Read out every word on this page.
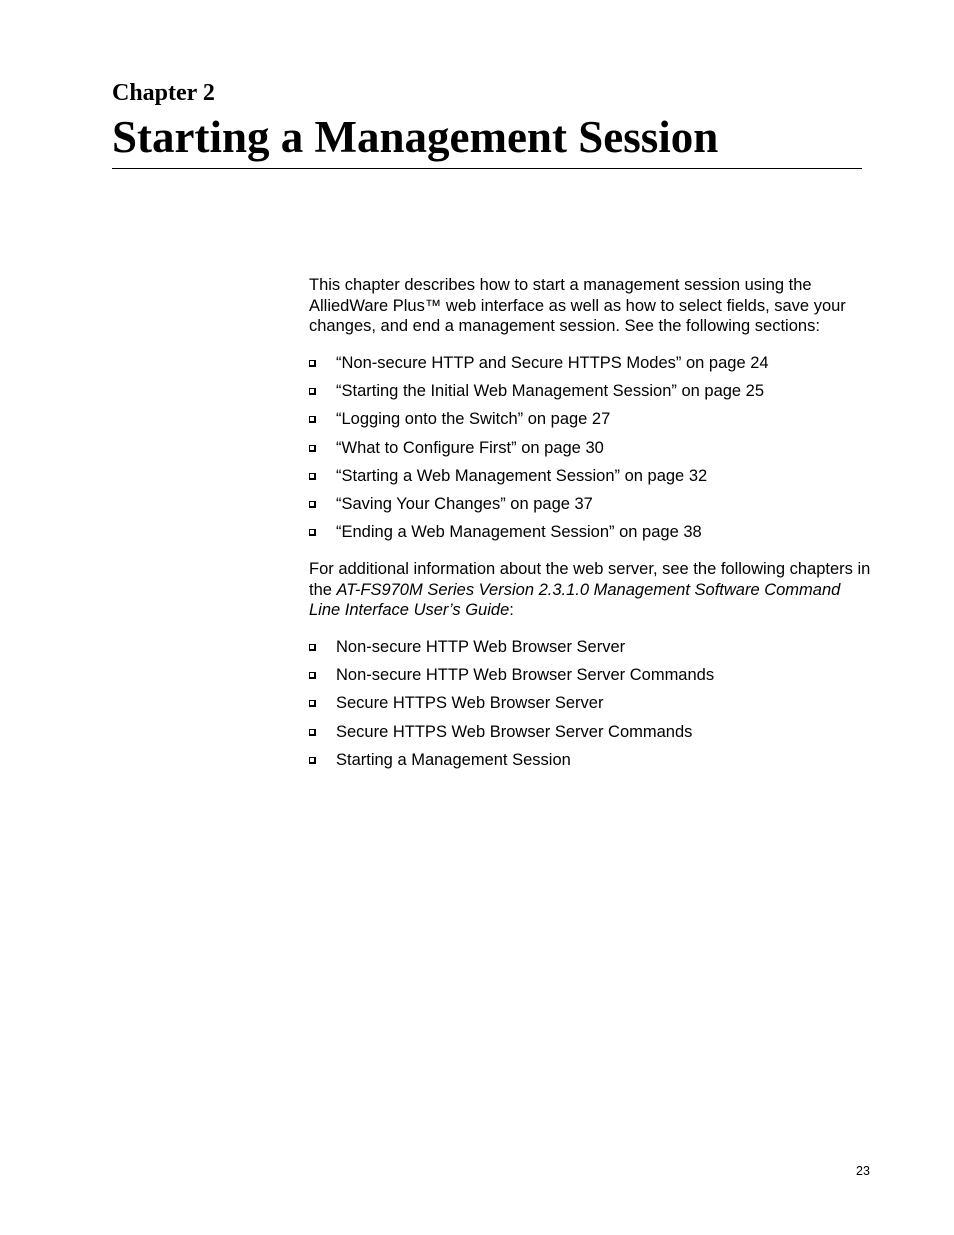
Chapter 2
Starting a Management Session

This chapter describes how to start a management session using the AlliedWare Plus™ web interface as well as how to select fields, save your changes, and end a management session. See the following sections:

“Non-secure HTTP and Secure HTTPS Modes” on page 24
“Starting the Initial Web Management Session” on page 25
“Logging onto the Switch” on page 27
“What to Configure First” on page 30
“Starting a Web Management Session” on page 32
“Saving Your Changes” on page 37
“Ending a Web Management Session” on page 38

For additional information about the web server, see the following chapters in the AT-FS970M Series Version 2.3.1.0 Management Software Command Line Interface User’s Guide:

Non-secure HTTP Web Browser Server
Non-secure HTTP Web Browser Server Commands
Secure HTTPS Web Browser Server
Secure HTTPS Web Browser Server Commands
Starting a Management Session
23
